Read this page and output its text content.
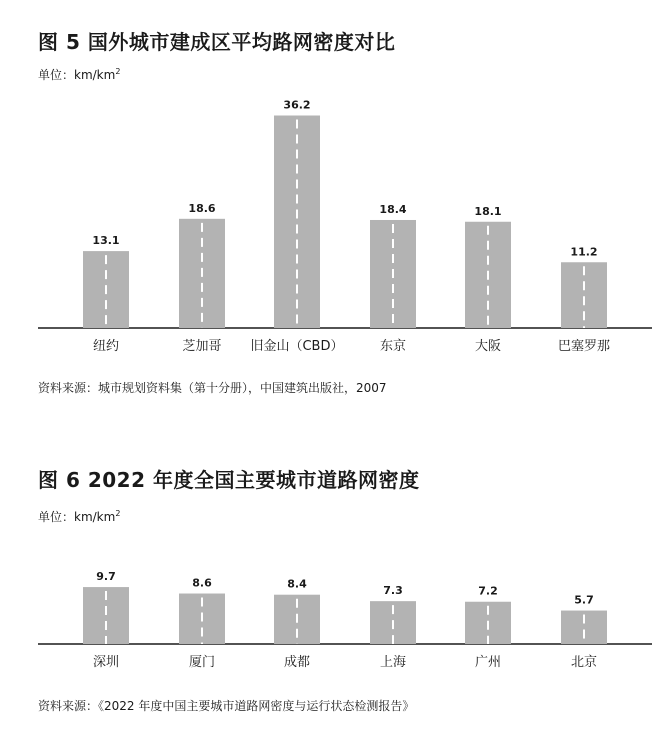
图 5 国外城市建成区平均路网密度对比
单位：$km/km^2$
13.1
纽约
18.6
芝加哥
36.2
旧金山（CBD）
18.4
东京
18.1
大阪
11.2
巴塞罗那
资料来源：城市规划资料集（第十分册），中国建筑出版社，2007
图 6 2022 年度全国主要城市道路网密度
单位：$km/km^2$
9.7
深圳
8.6
厦门
8.4
成都
7.3
上海
7.2
广州
5.7
北京
资料来源：《2022 年度中国主要城市道路网密度与运行状态检测报告》
